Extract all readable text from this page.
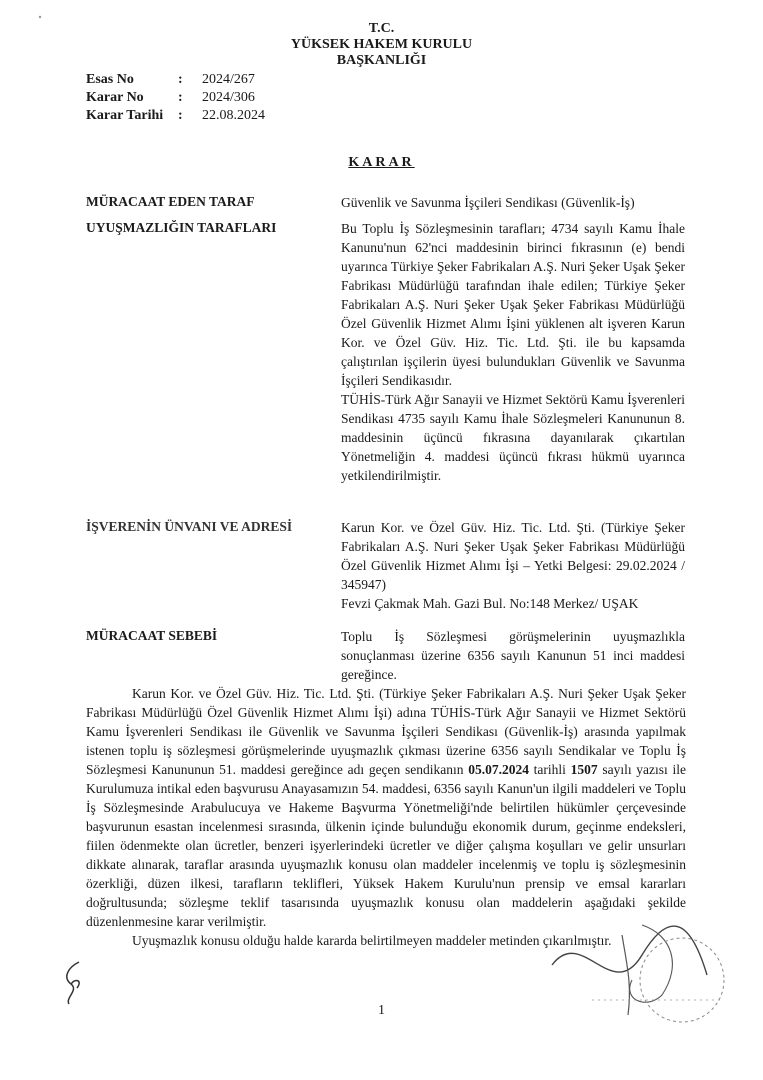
T.C.
YÜKSEK HAKEM KURULU
BAŞKANLIĞI
Esas No	:	2024/267
Karar No	:	2024/306
Karar Tarihi	:	22.08.2024
KARAR
MÜRACAAT EDEN TARAF	Güvenlik ve Savunma İşçileri Sendikası (Güvenlik-İş)
UYUŞMAZLIĞIN TARAFLARI	Bu Toplu İş Sözleşmesinin tarafları; 4734 sayılı Kamu İhale Kanunu'nun 62'nci maddesinin birinci fıkrasının (e) bendi uyarınca Türkiye Şeker Fabrikaları A.Ş. Nuri Şeker Uşak Şeker Fabrikası Müdürlüğü tarafından ihale edilen; Türkiye Şeker Fabrikaları A.Ş. Nuri Şeker Uşak Şeker Fabrikası Müdürlüğü Özel Güvenlik Hizmet Alımı İşini yüklenen alt işveren Karun Kor. ve Özel Güv. Hiz. Tic. Ltd. Şti. ile bu kapsamda çalıştırılan işçilerin üyesi bulundukları Güvenlik ve Savunma İşçileri Sendikasıdır.
TÜHİS-Türk Ağır Sanayii ve Hizmet Sektörü Kamu İşverenleri Sendikası 4735 sayılı Kamu İhale Sözleşmeleri Kanununun 8. maddesinin üçüncü fıkrasına dayanılarak çıkartılan Yönetmeliğin 4. maddesi üçüncü fıkrası hükmü uyarınca yetkilendirilmiştir.
İŞVERENİN ÜNVANI VE ADRESİ	Karun Kor. ve Özel Güv. Hiz. Tic. Ltd. Şti. (Türkiye Şeker Fabrikaları A.Ş. Nuri Şeker Uşak Şeker Fabrikası Müdürlüğü Özel Güvenlik Hizmet Alımı İşi – Yetki Belgesi: 29.02.2024 / 345947)
Fevzi Çakmak Mah. Gazi Bul. No:148 Merkez/ UŞAK
MÜRACAAT SEBEBİ	Toplu İş Sözleşmesi görüşmelerinin uyuşmazlıkla sonuçlanması üzerine 6356 sayılı Kanunun 51 inci maddesi gereğince.

Karun Kor. ve Özel Güv. Hiz. Tic. Ltd. Şti. (Türkiye Şeker Fabrikaları A.Ş. Nuri Şeker Uşak Şeker Fabrikası Müdürlüğü Özel Güvenlik Hizmet Alımı İşi) adına TÜHİS-Türk Ağır Sanayii ve Hizmet Sektörü Kamu İşverenleri Sendikası ile Güvenlik ve Savunma İşçileri Sendikası (Güvenlik-İş) arasında yapılmak istenen toplu iş sözleşmesi görüşmelerinde uyuşmazlık çıkması üzerine 6356 sayılı Sendikalar ve Toplu İş Sözleşmesi Kanununun 51. maddesi gereğince adı geçen sendikanın 05.07.2024 tarihli 1507 sayılı yazısı ile Kurulumuza intikal eden başvurusu Anayasamızın 54. maddesi, 6356 sayılı Kanun'un ilgili maddeleri ve Toplu İş Sözleşmesinde Arabulucuya ve Hakeme Başvurma Yönetmeliği'nde belirtilen hükümler çerçevesinde başvurunun esastan incelenmesi sırasında, ülkenin içinde bulunduğu ekonomik durum, geçinme endeksleri, fiilen ödenmekte olan ücretler, benzeri işyerlerindeki ücretler ve diğer çalışma koşulları ve gelir unsurları dikkate alınarak, taraflar arasında uyuşmazlık konusu olan maddeler incelenmiş ve toplu iş sözleşmesinin özerkliği, düzen ilkesi, tarafların teklifleri, Yüksek Hakem Kurulu'nun prensip ve emsal kararları doğrultusunda; sözleşme teklif tasarısında uyuşmazlık konusu olan maddelerin aşağıdaki şekilde düzenlenmesine karar verilmiştir.

Uyuşmazlık konusu olduğu halde kararda belirtilmeyen maddeler metinden çıkarılmıştır.

1
